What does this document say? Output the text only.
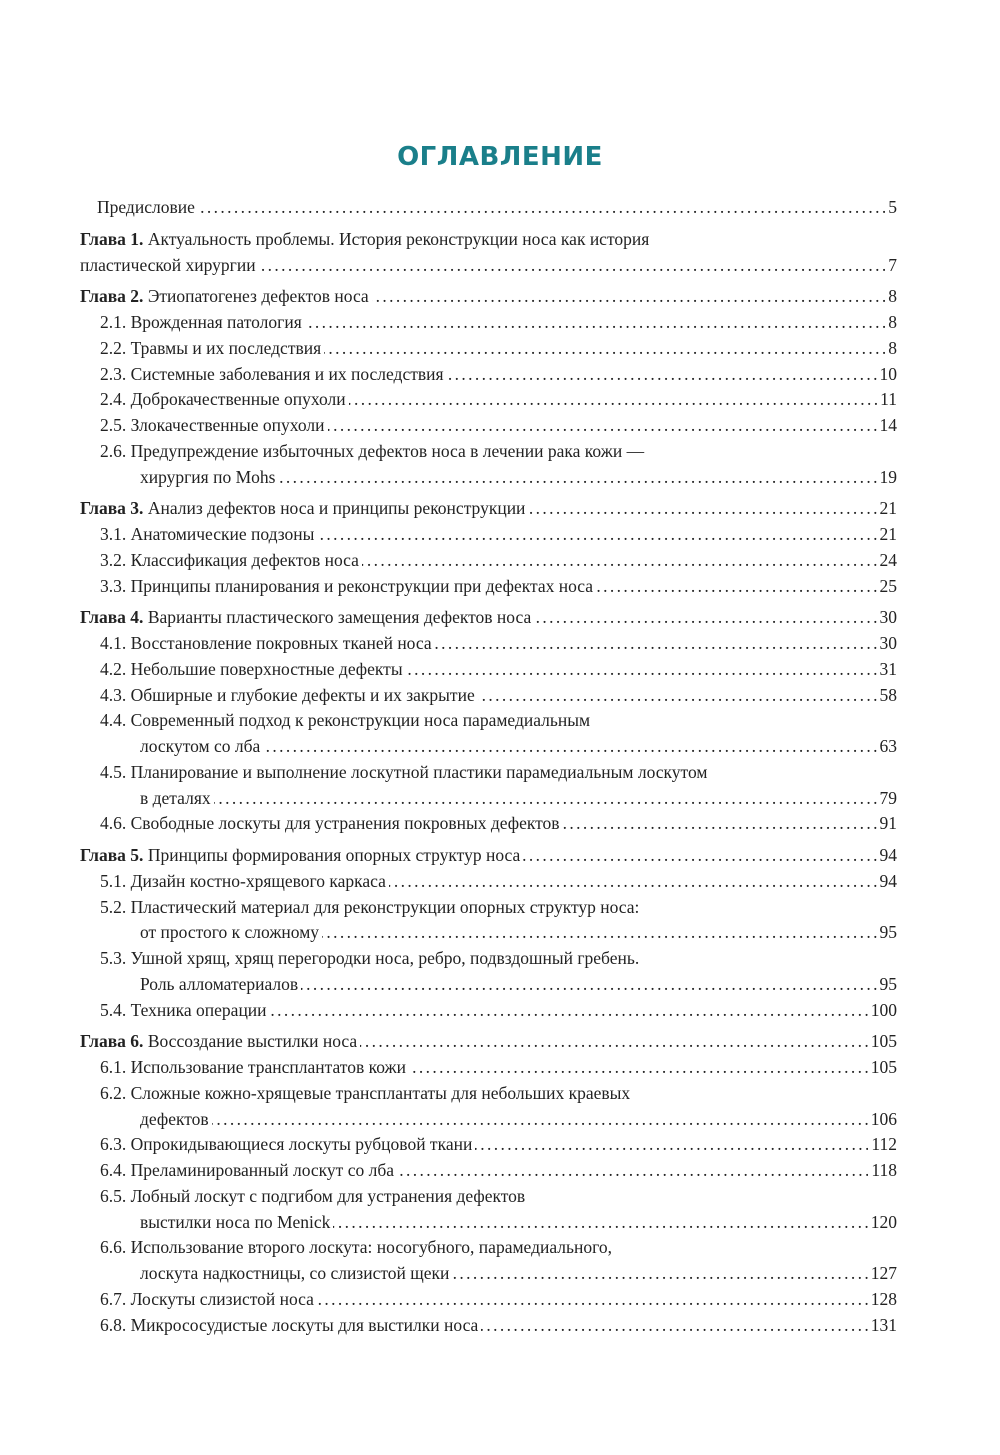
ОГЛАВЛЕНИЕ
Предисловие . . .	5
Глава 1. Актуальность проблемы. История реконструкции носа как история
пластической хирургии . . .	7
Глава 2. Этиопатогенез дефектов носа . . .	8
2.1. Врожденная патология . . .	8
2.2. Травмы и их последствия . . .	8
2.3. Системные заболевания и их последствия . . .	10
2.4. Доброкачественные опухоли . . .	11
2.5. Злокачественные опухоли . . .	14
2.6. Предупреждение избыточных дефектов носа в лечении рака кожи —
хирургия по Mohs . . .	19
Глава 3. Анализ дефектов носа и принципы реконструкции . . .	21
3.1. Анатомические подзоны . . .	21
3.2. Классификация дефектов носа . . .	24
3.3. Принципы планирования и реконструкции при дефектах носа . . .	25
Глава 4. Варианты пластического замещения дефектов носа . . .	30
4.1. Восстановление покровных тканей носа . . .	30
4.2. Небольшие поверхностные дефекты . . .	31
4.3. Обширные и глубокие дефекты и их закрытие . . .	58
4.4. Современный подход к реконструкции носа парамедиальным
лоскутом со лба . . .	63
4.5. Планирование и выполнение лоскутной пластики парамедиальным лоскутом
в деталях . . .	79
4.6. Свободные лоскуты для устранения покровных дефектов . . .	91
Глава 5. Принципы формирования опорных структур носа . . .	94
5.1. Дизайн костно-хрящевого каркаса . . .	94
5.2. Пластический материал для реконструкции опорных структур носа:
от простого к сложному . . .	95
5.3. Ушной хрящ, хрящ перегородки носа, ребро, подвздошный гребень.
Роль алломатериалов . . .	95
5.4. Техника операции . . .	100
Глава 6. Воссоздание выстилки носа . . .	105
6.1. Использование трансплантатов кожи . . .	105
6.2. Сложные кожно-хрящевые трансплантаты для небольших краевых
дефектов . . .	106
6.3. Опрокидывающиеся лоскуты рубцовой ткани . . .	112
6.4. Преламинированный лоскут со лба . . .	118
6.5. Лобный лоскут с подгибом для устранения дефектов
выстилки носа по Menick . . .	120
6.6. Использование второго лоскута: носогубного, парамедиального,
лоскута надкостницы, со слизистой щеки . . .	127
6.7. Лоскуты слизистой носа . . .	128
6.8. Микрососудистые лоскуты для выстилки носа . . .	131
